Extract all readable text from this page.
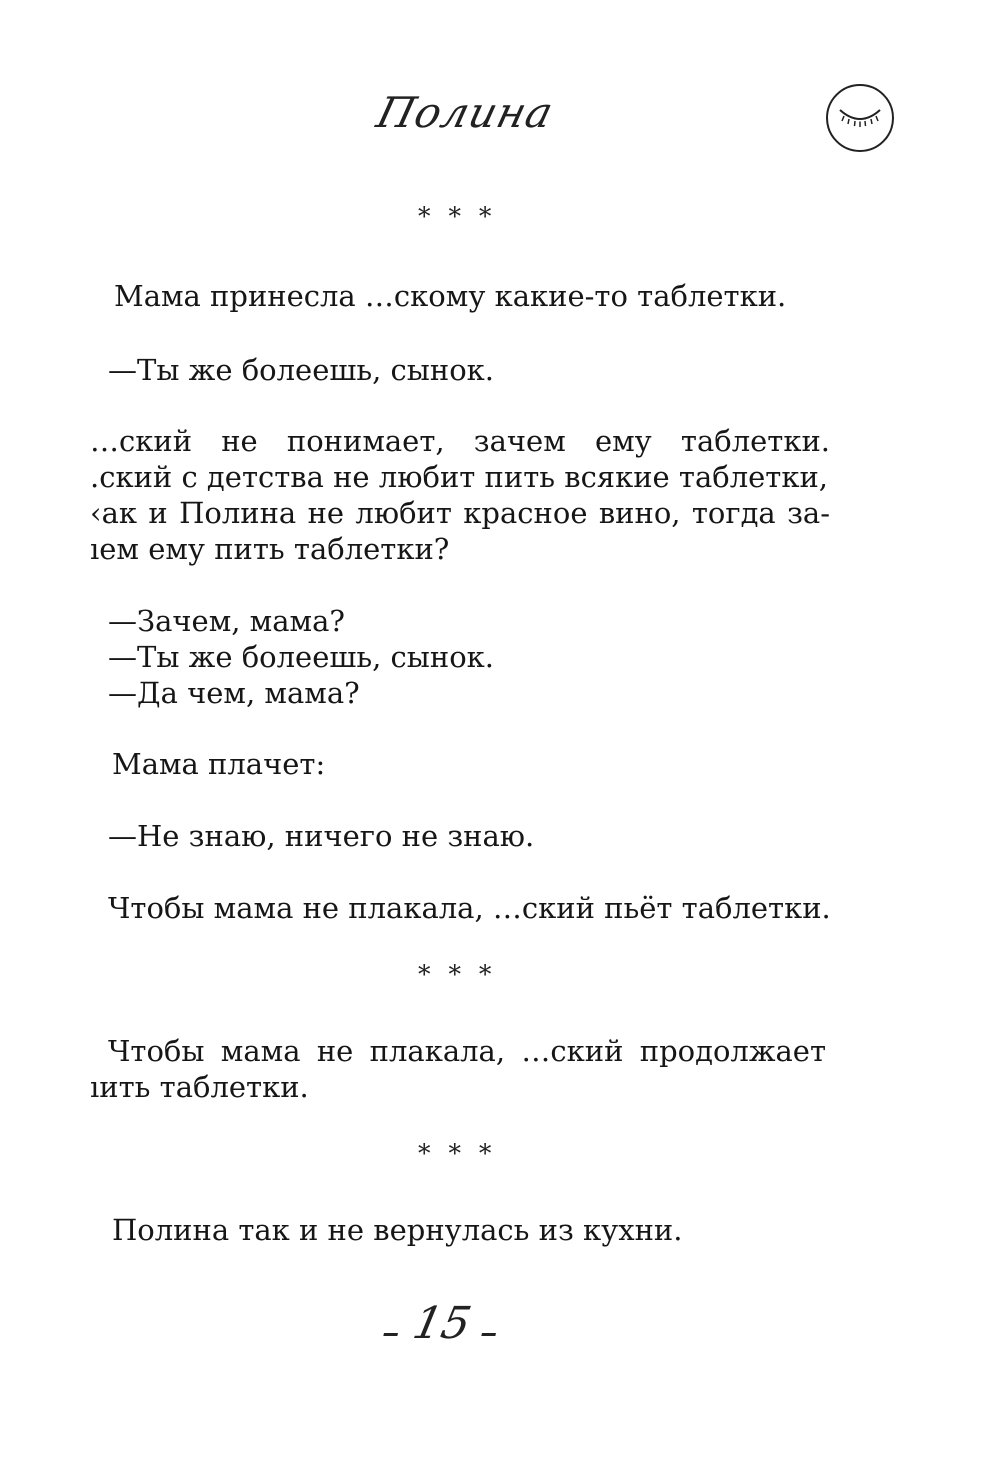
Полина
* * *
Мама принесла …скому какие-то таблетки.
—Ты же болеешь, сынок.
…ский не понимает, зачем ему таблетки.
.ский с детства не любит пить всякие таблетки,
‹ак и Полина не любит красное вино, тогда за-
ıем ему пить таблетки?
—Зачем, мама?
—Ты же болеешь, сынок.
—Да чем, мама?
Мама плачет:
—Не знаю, ничего не знаю.
Чтобы мама не плакала, …ский пьёт таблетки.
* * *
Чтобы мама не плакала, …ский продолжает
ıить таблетки.
* * *
Полина так и не вернулась из кухни.
15
